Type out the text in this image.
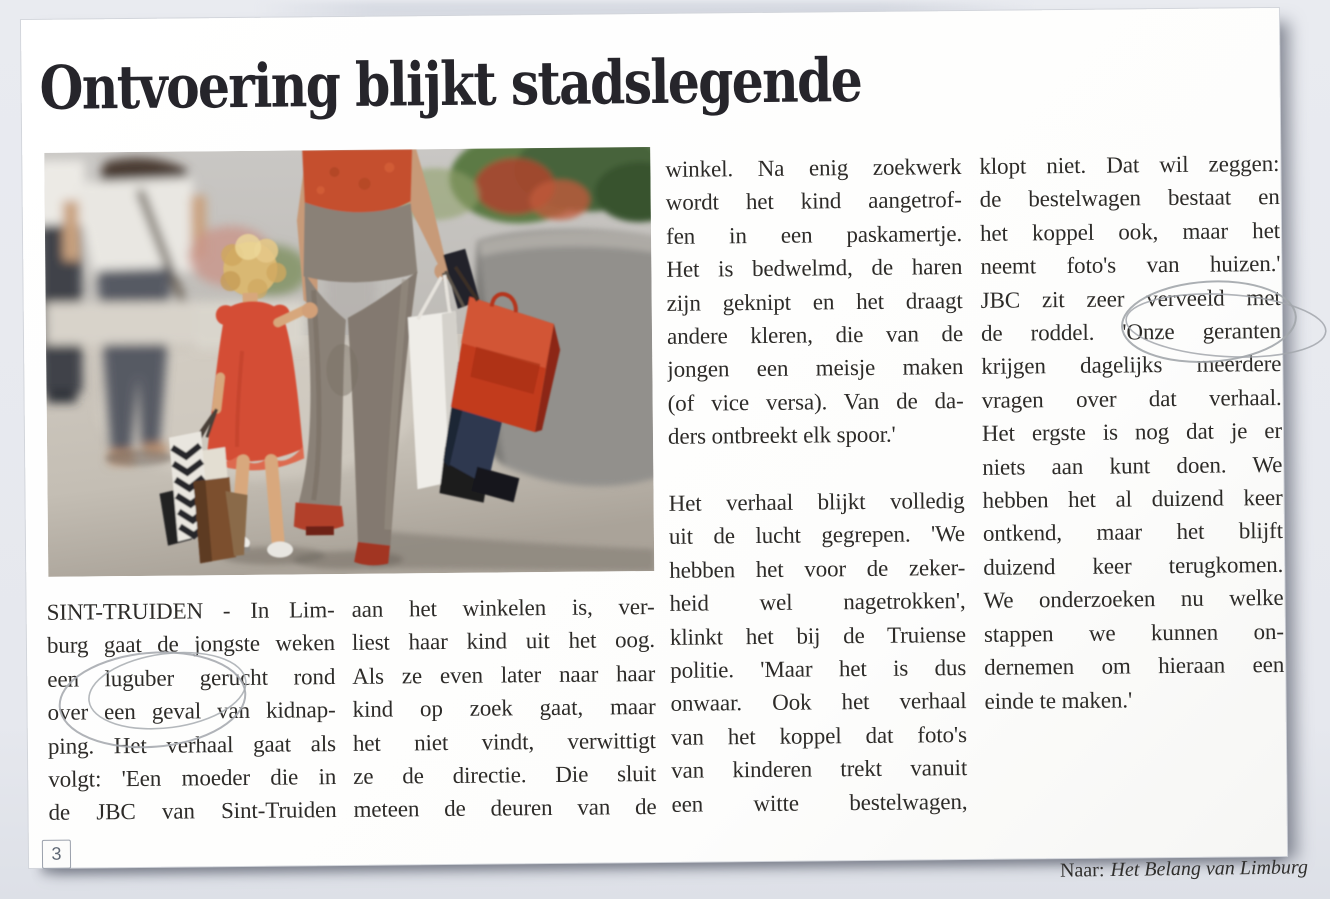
Ontvoering blijkt stadslegende
SINT-TRUIDEN - In Lim-
burg gaat de jongste weken
een luguber gerucht rond
over een geval van kidnap-
ping. Het verhaal gaat als
volgt: 'Een moeder die in
de JBC van Sint-Truiden
aan het winkelen is, ver-
liest haar kind uit het oog.
Als ze even later naar haar
kind op zoek gaat, maar
het niet vindt, verwittigt
ze de directie. Die sluit
meteen de deuren van de
winkel. Na enig zoekwerk
wordt het kind aangetrof-
fen in een paskamertje.
Het is bedwelmd, de haren
zijn geknipt en het draagt
andere kleren, die van de
jongen een meisje maken
(of vice versa). Van de da-
ders ontbreekt elk spoor.'
Het verhaal blijkt volledig
uit de lucht gegrepen. 'We
hebben het voor de zeker-
heid wel nagetrokken',
klinkt het bij de Truiense
politie. 'Maar het is dus
onwaar. Ook het verhaal
van het koppel dat foto's
van kinderen trekt vanuit
een witte bestelwagen,
klopt niet. Dat wil zeggen:
de bestelwagen bestaat en
het koppel ook, maar het
neemt foto's van huizen.'
JBC zit zeer verveeld met
de roddel. 'Onze geranten
krijgen dagelijks meerdere
vragen over dat verhaal.
Het ergste is nog dat je er
niets aan kunt doen. We
hebben het al duizend keer
ontkend, maar het blijft
duizend keer terugkomen.
We onderzoeken nu welke
stappen we kunnen on-
dernemen om hieraan een
einde te maken.'
3
Naar: Het Belang van Limburg
